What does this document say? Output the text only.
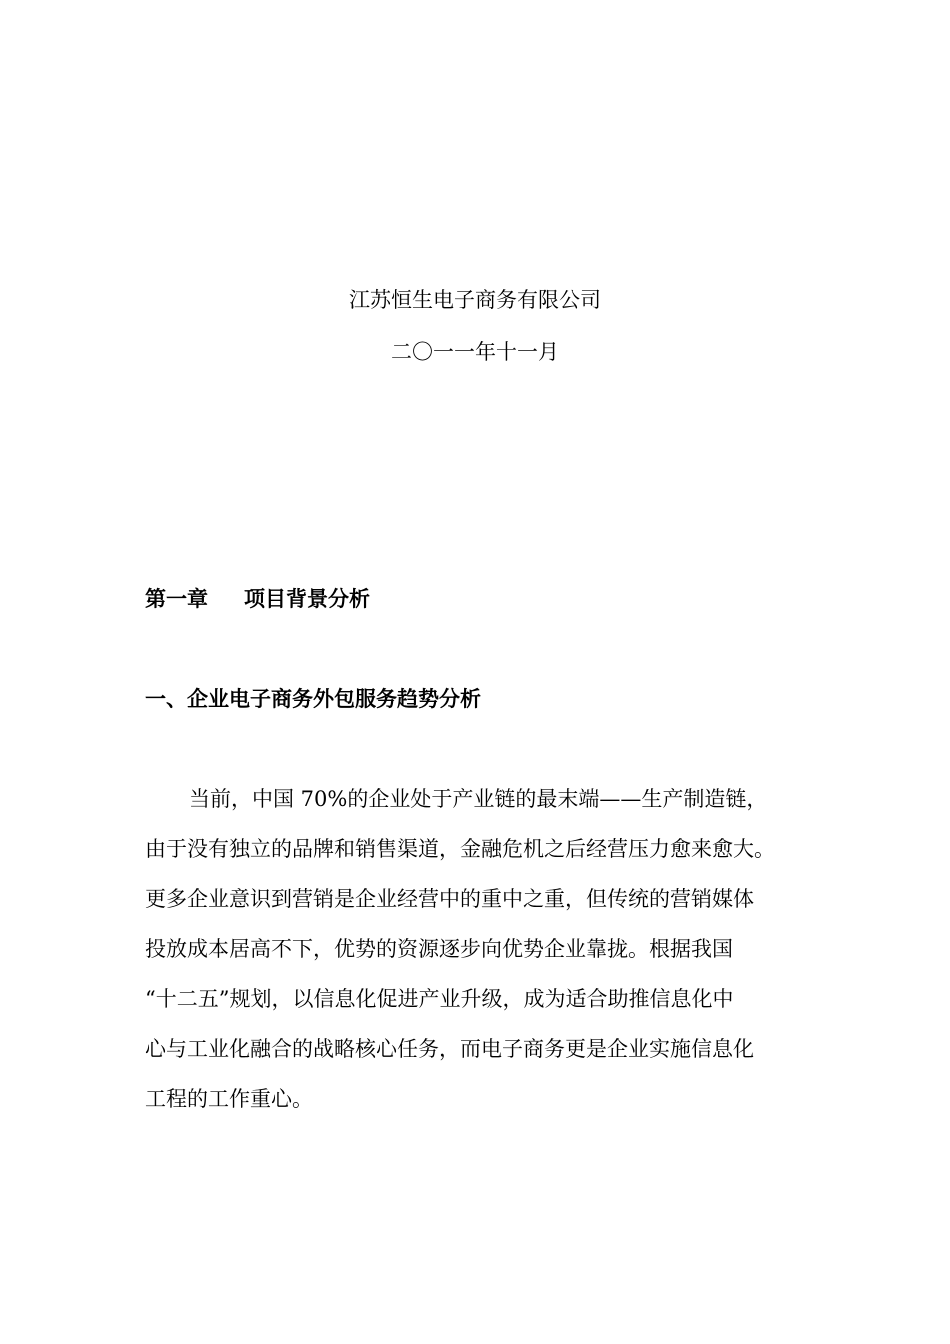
江苏恒生电子商务有限公司
二〇一一年十一月
第一章 项目背景分析
一、企业电子商务外包服务趋势分析
当前，中国 70%的企业处于产业链的最末端——生产制造链，
由于没有独立的品牌和销售渠道，金融危机之后经营压力愈来愈大。
更多企业意识到营销是企业经营中的重中之重，但传统的营销媒体
投放成本居高不下，优势的资源逐步向优势企业靠拢。根据我国
“十二五”规划，以信息化促进产业升级，成为适合助推信息化中
心与工业化融合的战略核心任务，而电子商务更是企业实施信息化
工程的工作重心。
